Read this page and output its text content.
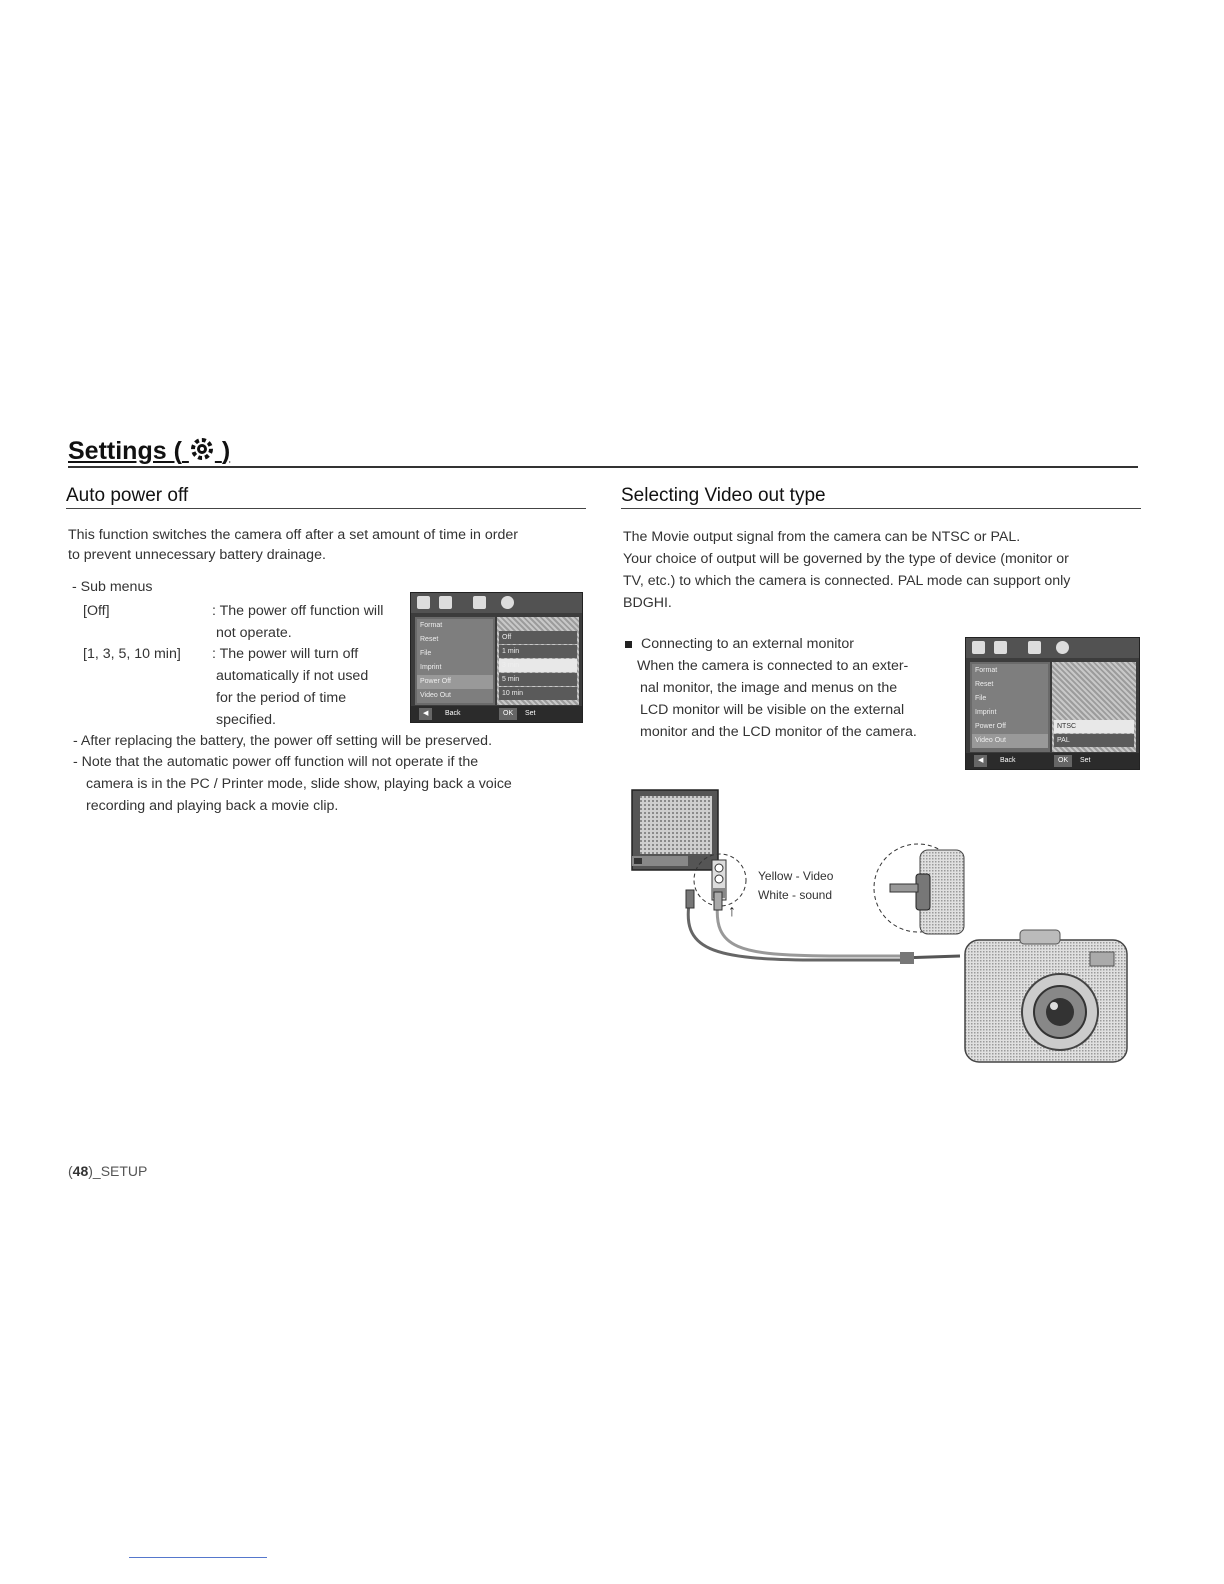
Settings ( )
Auto power off
This function switches the camera off after a set amount of time in order
to prevent unnecessary battery drainage.
- Sub menus
[Off]	: The power off function will
not operate.
[1, 3, 5, 10 min] : The power will turn off
automatically if not used
for the period of time
specified.
Format
Reset
File
Imprint
Power Off
Video Out
Off
1 min
3 min
5 min
10 min
◀	Back	OK	Set
- After replacing the battery, the power off setting will be preserved.
- Note that the automatic power off function will not operate if the
camera is in the PC / Printer mode, slide show, playing back a voice
recording and playing back a movie clip.
Selecting Video out type
The Movie output signal from the camera can be NTSC or PAL.
Your choice of output will be governed by the type of device (monitor or
TV, etc.) to which the camera is connected. PAL mode can support only
BDGHI.
Connecting to an external monitor
When the camera is connected to an exter-
nal monitor, the image and menus on the
LCD monitor will be visible on the external
monitor and the LCD monitor of the camera.
Format
Reset
File
Imprint
Power Off
Video Out
NTSC
PAL
◀	Back	OK	Set
↑
Yellow - Video
White - sound
(48)_SETUP
